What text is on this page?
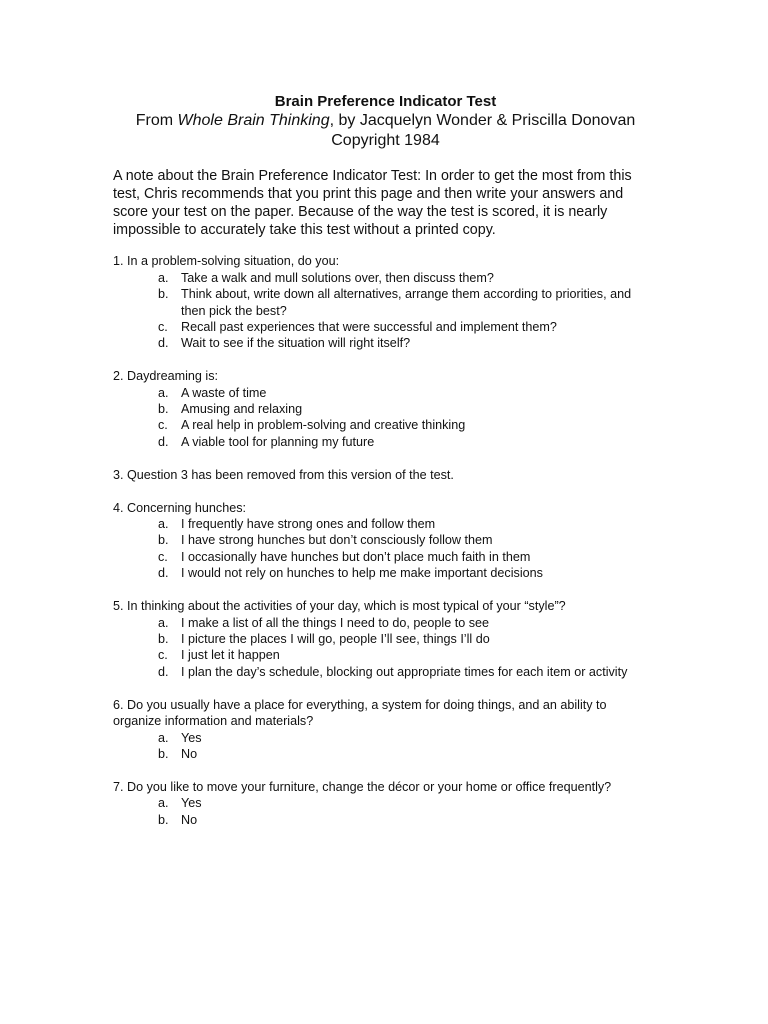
Brain Preference Indicator Test
From Whole Brain Thinking, by Jacquelyn Wonder & Priscilla Donovan
Copyright 1984

A note about the Brain Preference Indicator Test: In order to get the most from this test, Chris recommends that you print this page and then write your answers and score your test on the paper. Because of the way the test is scored, it is nearly impossible to accurately take this test without a printed copy.

1. In a problem-solving situation, do you:

a. Take a walk and mull solutions over, then discuss them?
b. Think about, write down all alternatives, arrange them according to priorities, and then pick the best?
c. Recall past experiences that were successful and implement them?
d. Wait to see if the situation will right itself?

2. Daydreaming is:

a. A waste of time
b. Amusing and relaxing
c. A real help in problem-solving and creative thinking
d. A viable tool for planning my future

3. Question 3 has been removed from this version of the test.

4. Concerning hunches:

a. I frequently have strong ones and follow them
b. I have strong hunches but don’t consciously follow them
c. I occasionally have hunches but don’t place much faith in them
d. I would not rely on hunches to help me make important decisions

5. In thinking about the activities of your day, which is most typical of your “style”?

a. I make a list of all the things I need to do, people to see
b. I picture the places I will go, people I’ll see, things I’ll do
c. I just let it happen
d. I plan the day’s schedule, blocking out appropriate times for each item or activity

6. Do you usually have a place for everything, a system for doing things, and an ability to organize information and materials?

a. Yes
b. No

7. Do you like to move your furniture, change the décor or your home or office frequently?

a. Yes
b. No
